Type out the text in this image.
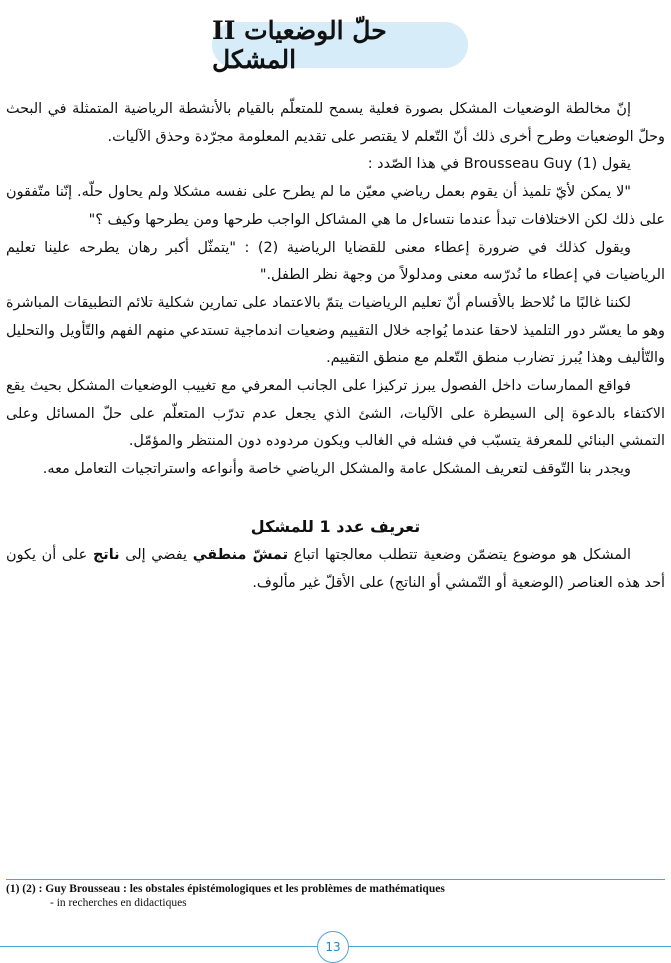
II حلّ الوضعيات المشكل

إنّ مخالطة الوضعيات المشكل بصورة فعلية يسمح للمتعلّم بالقيام بالأنشطة الرياضية المتمثلة في البحث وحلّ الوضعيات وطرح أخرى ذلك أنّ التّعلم لا يقتصر على تقديم المعلومة مجرّدة وحذق الآليات.

يقول Brousseau Guy (1) في هذا الصّدد :

"لا يمكن لأيّ تلميذ أن يقوم بعمل رياضي معيّن ما لم يطرح على نفسه مشكلا ولم يحاول حلّه. إنّنا متّفقون على ذلك لكن الاختلافات تبدأ عندما نتساءل ما هي المشاكل الواجب طرحها ومن يطرحها وكيف ؟"

ويقول كذلك في ضرورة إعطاء معنى للقضايا الرياضية (2) : "يتمثّل أكبر رهان يطرحه علينا تعليم الرياضيات في إعطاء ما نُدرّسه معنى ومدلولاً من وجهة نظر الطفل."

لكننا غالبًا ما نُلاحظ بالأقسام أنّ تعليم الرياضيات يتمّ بالاعتماد على تمارين شكلية تلائم التطبيقات المباشرة وهو ما يعسّر دور التلميذ لاحقا عندما يُواجه خلال التقييم وضعيات اندماجية تستدعي منهم الفهم والتّأويل والتحليل والتّأليف وهذا يُبرز تضارب منطق التّعلم مع منطق التقييم.

فواقع الممارسات داخل الفصول يبرز تركيزا على الجانب المعرفي مع تغييب الوضعيات المشكل بحيث يقع الاكتفاء بالدعوة إلى السيطرة على الآليات، الشئ الذي يجعل عدم تدرّب المتعلّم على حلّ المسائل وعلى التمشي البنائي للمعرفة يتسبّب في فشله في الغالب ويكون مردوده دون المنتظر والمؤمّل.

ويجدر بنا التّوقف لتعريف المشكل عامة والمشكل الرياضي خاصة وأنواعه واستراتجيات التعامل معه.

تعريف عدد 1 للمشكل

المشكل هو موضوع يتضمّن وضعية تتطلب معالجتها اتباع تمشّ منطقي يفضي إلى ناتج على أن يكون أحد هذه العناصر (الوضعية أو التّمشي أو الناتج) على الأقلّ غير مألوف.

(1) (2) : Guy Brousseau : les obstales épistémologiques et les problèmes de mathématiques
- in recherches en didactiques
13
